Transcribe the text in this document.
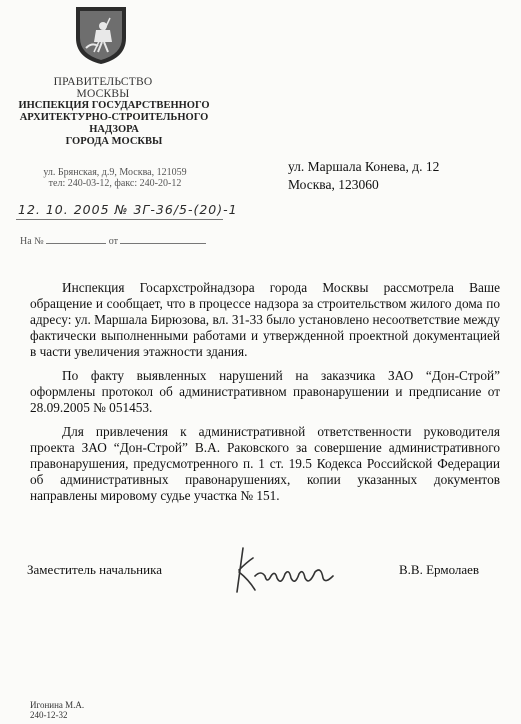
ПРАВИТЕЛЬСТВО МОСКВЫ
ИНСПЕКЦИЯ ГОСУДАРСТВЕННОГО
АРХИТЕКТУРНО-СТРОИТЕЛЬНОГО
НАДЗОРА
ГОРОДА МОСКВЫ
ул. Брянская, д.9, Москва, 121059
тел: 240-03-12, факс: 240-20-12
12. 10. 2005 № 3Г-36/5-(20)-1
На №	от
ул. Маршала Конева, д. 12
Москва, 123060

Инспекция Госархстройнадзора города Москвы рассмотрела Ваше обращение и сообщает, что в процессе надзора за строительством жилого дома по адресу: ул. Маршала Бирюзова, вл. 31-33 было установлено несоответствие между фактически выполненными работами и утвержденной проектной документацией в части увеличения этажности здания.

По факту выявленных нарушений на заказчика ЗАО “Дон-Строй” оформлены протокол об административном правонарушении и предписание от 28.09.2005 № 051453.

Для привлечения к административной ответственности руководителя проекта ЗАО “Дон-Строй” В.А. Раковского за совершение административного правонарушения, предусмотренного п. 1 ст. 19.5 Кодекса Российской Федерации об административных правонарушениях, копии указанных документов направлены мировому судье участка № 151.

Заместитель начальника	В.В. Ермолаев
Игонина М.А.
240-12-32
